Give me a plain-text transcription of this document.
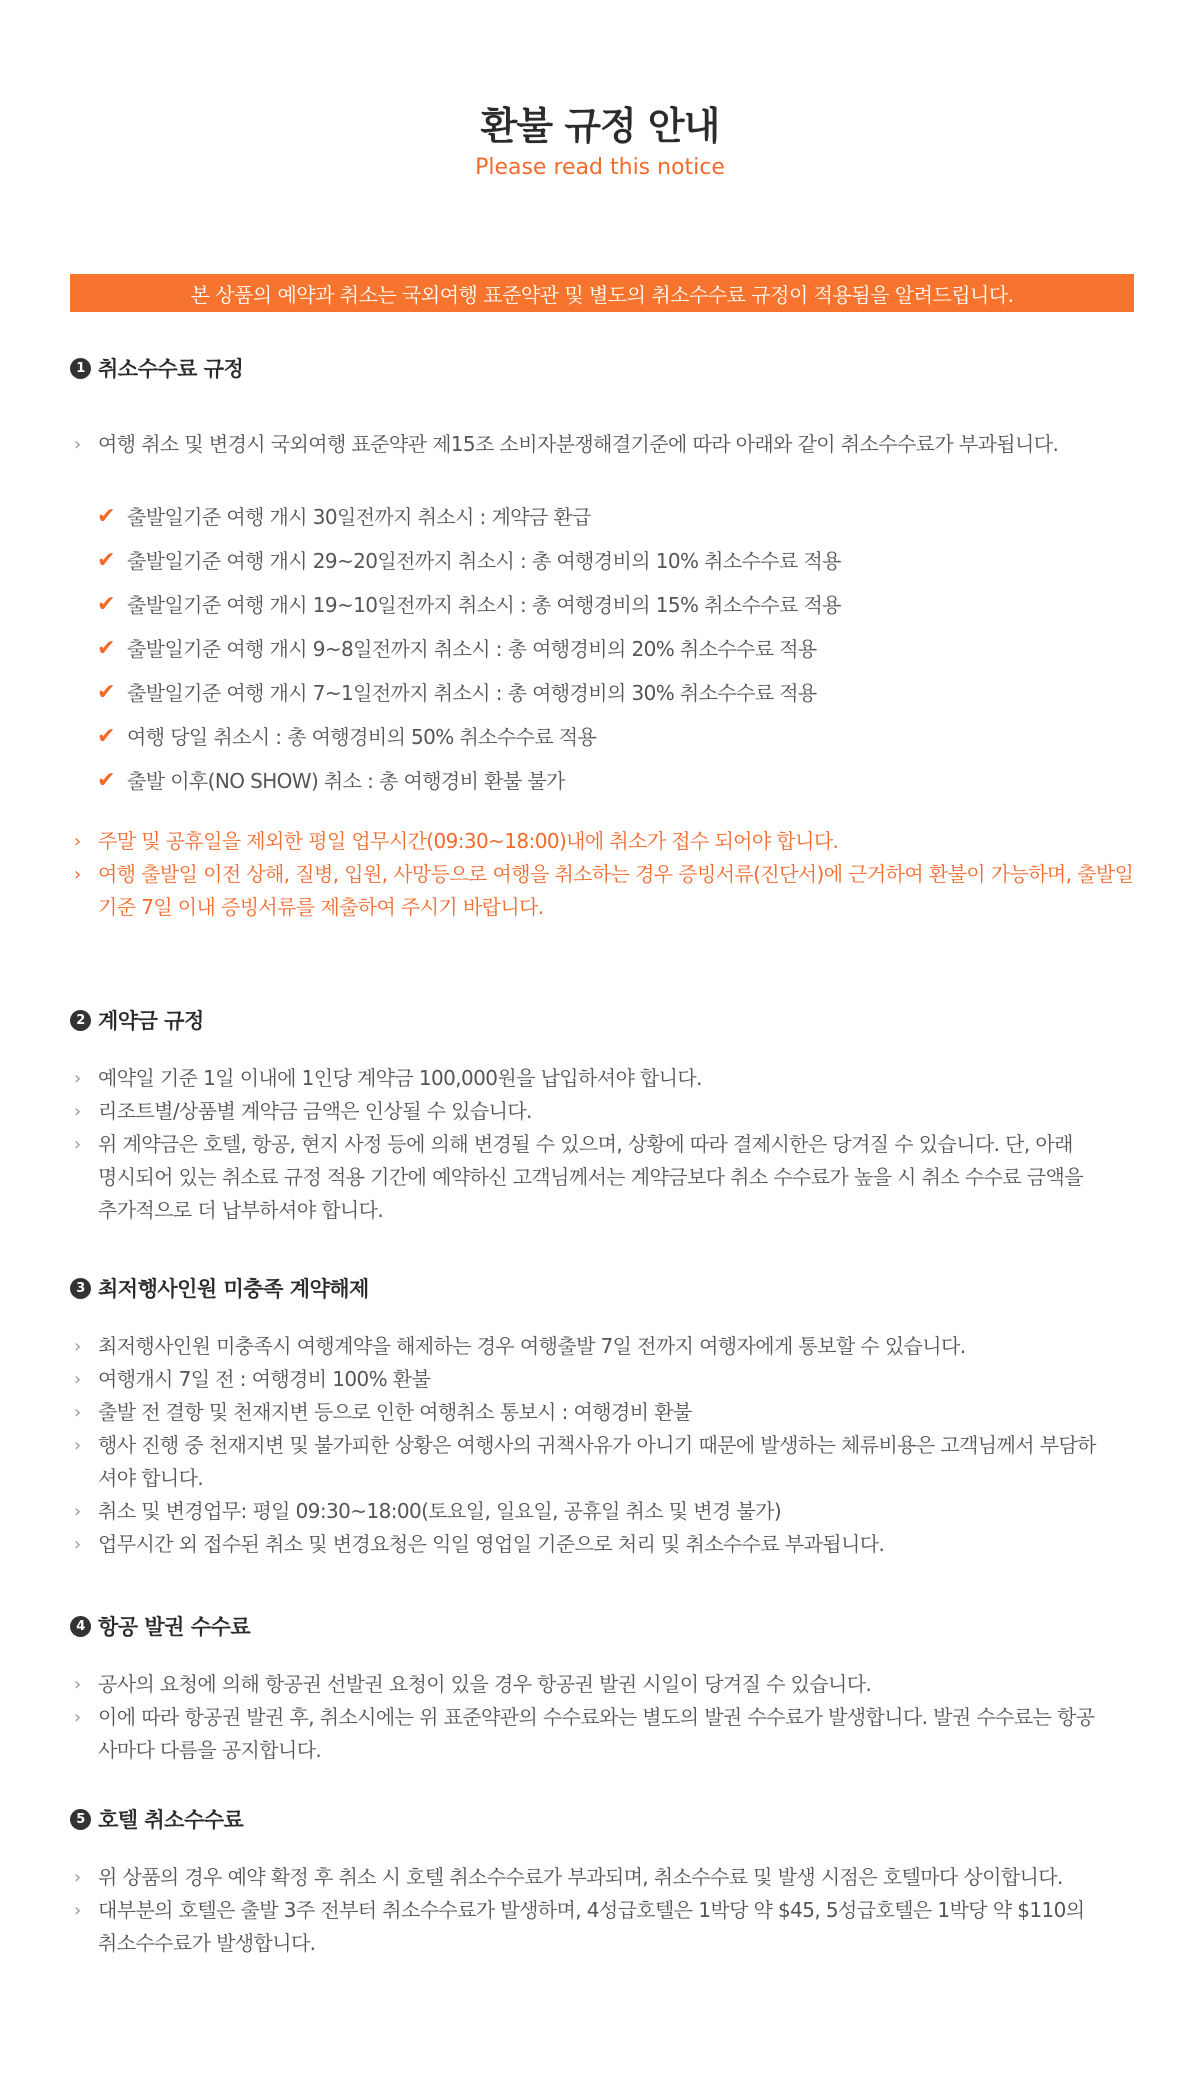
환불 규정 안내
Please read this notice
본 상품의 예약과 취소는 국외여행 표준약관 및 별도의 취소수수료 규정이 적용됨을 알려드립니다.
1 취소수수료 규정
› 여행 취소 및 변경시 국외여행 표준약관 제15조 소비자분쟁해결기준에 따라 아래와 같이 취소수수료가 부과됩니다.
✔ 출발일기준 여행 개시 30일전까지 취소시 : 계약금 환급
✔ 출발일기준 여행 개시 29~20일전까지 취소시 : 총 여행경비의 10% 취소수수료 적용
✔ 출발일기준 여행 개시 19~10일전까지 취소시 : 총 여행경비의 15% 취소수수료 적용
✔ 출발일기준 여행 개시 9~8일전까지 취소시 : 총 여행경비의 20% 취소수수료 적용
✔ 출발일기준 여행 개시 7~1일전까지 취소시 : 총 여행경비의 30% 취소수수료 적용
✔ 여행 당일 취소시 : 총 여행경비의 50% 취소수수료 적용
✔ 출발 이후(NO SHOW) 취소 : 총 여행경비 환불 불가
› 주말 및 공휴일을 제외한 평일 업무시간(09:30~18:00)내에 취소가 접수 되어야 합니다.
› 여행 출발일 이전 상해, 질병, 입원, 사망등으로 여행을 취소하는 경우 증빙서류(진단서)에 근거하여 환불이 가능하며, 출발일 기준 7일 이내 증빙서류를 제출하여 주시기 바랍니다.
2 계약금 규정
› 예약일 기준 1일 이내에 1인당 계약금 100,000원을 납입하셔야 합니다.
› 리조트별/상품별 계약금 금액은 인상될 수 있습니다.
› 위 계약금은 호텔, 항공, 현지 사정 등에 의해 변경될 수 있으며, 상황에 따라 결제시한은 당겨질 수 있습니다. 단, 아래 명시되어 있는 취소료 규정 적용 기간에 예약하신 고객님께서는 계약금보다 취소 수수료가 높을 시 취소 수수료 금액을 추가적으로 더 납부하셔야 합니다.
3 최저행사인원 미충족 계약해제
› 최저행사인원 미충족시 여행계약을 해제하는 경우 여행출발 7일 전까지 여행자에게 통보할 수 있습니다.
› 여행개시 7일 전 : 여행경비 100% 환불
› 출발 전 결항 및 천재지변 등으로 인한 여행취소 통보시 : 여행경비 환불
› 행사 진행 중 천재지변 및 불가피한 상황은 여행사의 귀책사유가 아니기 때문에 발생하는 체류비용은 고객님께서 부담하셔야 합니다.
› 취소 및 변경업무: 평일 09:30~18:00(토요일, 일요일, 공휴일 취소 및 변경 불가)
› 업무시간 외 접수된 취소 및 변경요청은 익일 영업일 기준으로 처리 및 취소수수료 부과됩니다.
4 항공 발권 수수료
› 공사의 요청에 의해 항공권 선발권 요청이 있을 경우 항공권 발권 시일이 당겨질 수 있습니다.
› 이에 따라 항공권 발권 후, 취소시에는 위 표준약관의 수수료와는 별도의 발권 수수료가 발생합니다. 발권 수수료는 항공사마다 다름을 공지합니다.
5 호텔 취소수수료
› 위 상품의 경우 예약 확정 후 취소 시 호텔 취소수수료가 부과되며, 취소수수료 및 발생 시점은 호텔마다 상이합니다.
› 대부분의 호텔은 출발 3주 전부터 취소수수료가 발생하며, 4성급호텔은 1박당 약 $45, 5성급호텔은 1박당 약 $110의 취소수수료가 발생합니다.
